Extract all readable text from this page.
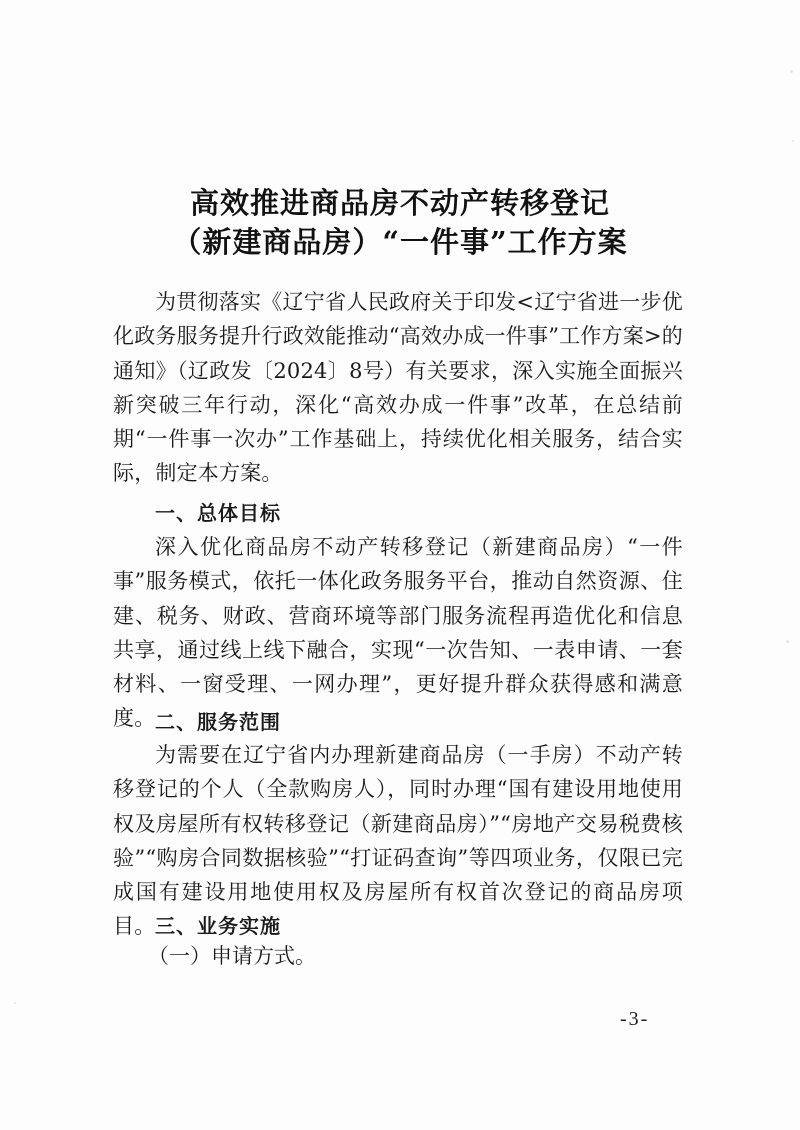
高效推进商品房不动产转移登记
（新建商品房）“一件事”工作方案

为贯彻落实《辽宁省人民政府关于印发<辽宁省进一步优化政务服务提升行政效能推动“高效办成一件事”工作方案>的通知》（辽政发〔2024〕8号）有关要求，深入实施全面振兴新突破三年行动，深化“高效办成一件事”改革，在总结前期“一件事一次办”工作基础上，持续优化相关服务，结合实际，制定本方案。

一、总体目标

深入优化商品房不动产转移登记（新建商品房）“一件事”服务模式，依托一体化政务服务平台，推动自然资源、住建、税务、财政、营商环境等部门服务流程再造优化和信息共享，通过线上线下融合，实现“一次告知、一表申请、一套材料、一窗受理、一网办理”，更好提升群众获得感和满意度。 二、服务范围

为需要在辽宁省内办理新建商品房（一手房）不动产转移登记的个人（全款购房人），同时办理“国有建设用地使用权及房屋所有权转移登记（新建商品房）”“房地产交易税费核验”“购房合同数据核验”“打证码查询”等四项业务，仅限已完成国有建设用地使用权及房屋所有权首次登记的商品房项目。 三、业务实施
（一）申请方式。
-3-
